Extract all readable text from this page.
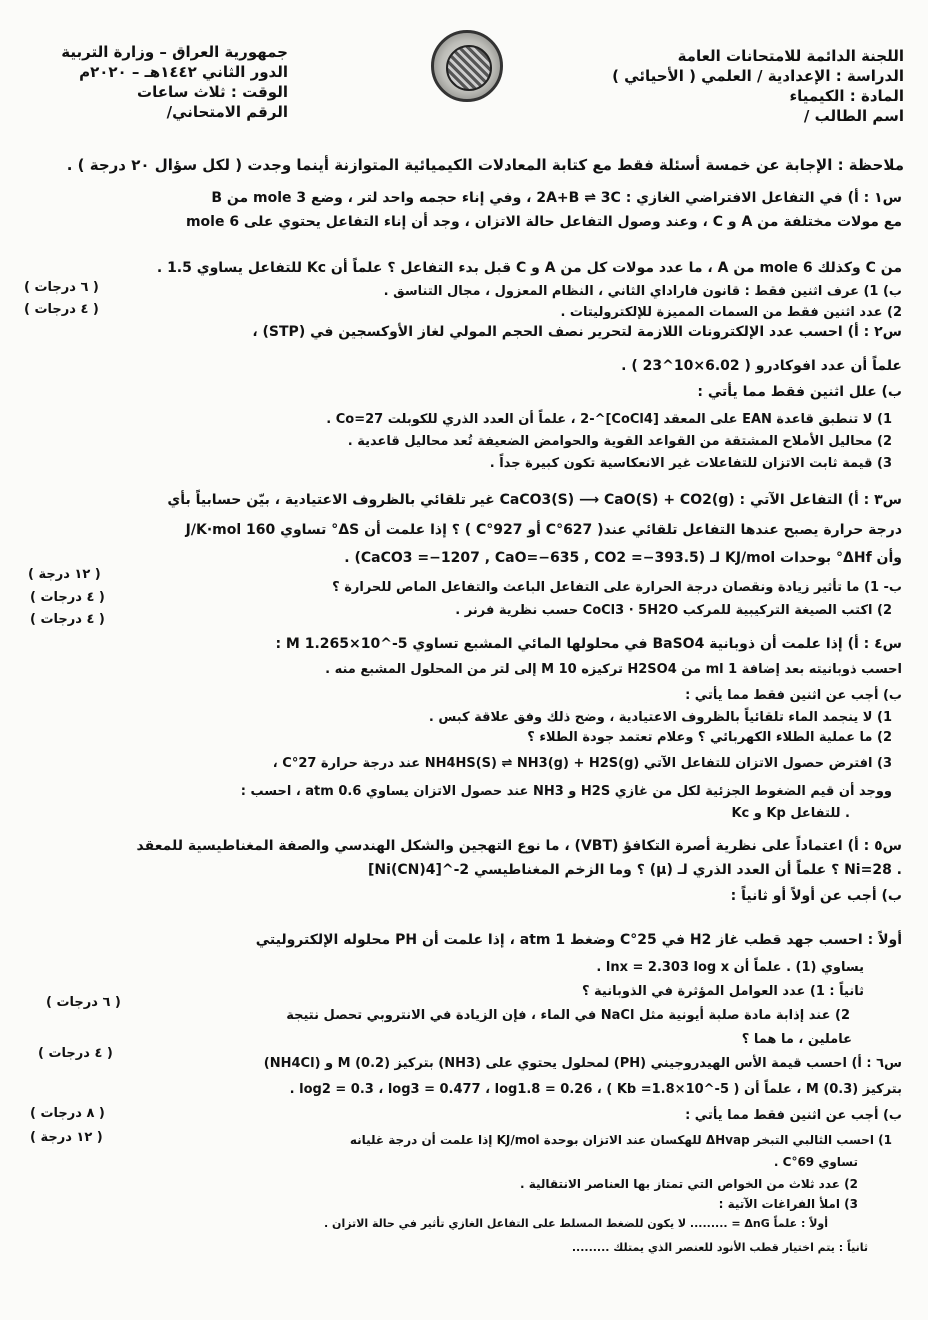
اللجنة الدائمة للامتحانات العامة
الدراسة : الإعدادية / العلمي ( الأحيائي )
المادة : الكيمياء
اسم الطالب /
جمهورية العراق – وزارة التربية
الدور الثاني ١٤٤٢هـ – ٢٠٢٠م
الوقت : ثلاث ساعات
الرقم الامتحاني/
ملاحظة : الإجابة عن خمسة أسئلة فقط مع كتابة المعادلات الكيميائية المتوازنة أينما وجدت ( لكل سؤال ٢٠ درجة ) .
س١ : أ) في التفاعل الافتراضي الغازي : 2A+B ⇌ 3C ، وفي إناء حجمه واحد لتر ، وضع 3 mole من B
مع مولات مختلفة من A و C ، وعند وصول التفاعل حالة الاتزان ، وجد أن إناء التفاعل يحتوي على 6 mole
من C وكذلك 6 mole من A ، ما عدد مولات كل من A و C قبل بدء التفاعل ؟ علماً أن Kc للتفاعل يساوي 1.5 .
ب) 1) عرف اثنين فقط : قانون فاراداي الثاني ، النظام المعزول ، مجال التناسق .
2) عدد اثنين فقط من السمات المميزة للإلكتروليتات .
س٢ : أ) احسب عدد الإلكترونات اللازمة لتحرير نصف الحجم المولي لغاز الأوكسجين في (STP) ،
علماً أن عدد افوكادرو ( 6.02×10^23 ) .
ب) علل اثنين فقط مما يأتي :
1) لا تنطبق قاعدة EAN على المعقد [CoCl4]^-2 ، علماً أن العدد الذري للكوبلت Co=27 .
2) محاليل الأملاح المشتقة من القواعد القوية والحوامض الضعيفة تُعد محاليل قاعدية .
3) قيمة ثابت الاتزان للتفاعلات غير الانعكاسية تكون كبيرة جداً .
س٣ : أ) التفاعل الآتي : CaCO3(S) ⟶ CaO(S) + CO2(g) غير تلقائي بالظروف الاعتيادية ، بيّن حسابياً بأي
درجة حرارة يصبح عندها التفاعل تلقائي عند( 627°C أو 927°C ) ؟ إذا علمت أن ΔS° تساوي 160 J/K·mol
وأن ΔHf° بوحدات KJ/mol لـ (CaCO3 =−1207 , CaO=−635 , CO2 =−393.5) .
ب- 1) ما تأثير زيادة ونقصان درجة الحرارة على التفاعل الباعث والتفاعل الماص للحرارة ؟
2) اكتب الصيغة التركيبية للمركب CoCl3 · 5H2O حسب نظرية فرنر .
س٤ : أ) إذا علمت أن ذوبانية BaSO4 في محلولها المائي المشبع تساوي M 1.265×10^-5 :
احسب ذوبانيته بعد إضافة 1 ml من H2SO4 تركيزه M 10 إلى لتر من المحلول المشبع منه .
ب) أجب عن اثنين فقط مما يأتي :
1) لا ينجمد الماء تلقائياً بالظروف الاعتيادية ، وضح ذلك وفق علاقة كبس .
2) ما عملية الطلاء الكهربائي ؟ وعلام تعتمد جودة الطلاء ؟
3) افترض حصول الاتزان للتفاعل الآتي NH4HS(S) ⇌ NH3(g) + H2S(g) عند درجة حرارة 27°C ،
ووجد أن قيم الضغوط الجزئية لكل من غازي H2S و NH3 عند حصول الاتزان يساوي 0.6 atm ، احسب :
Kc و Kp للتفاعل .
س٥ : أ) اعتماداً على نظرية أصرة التكافؤ (VBT) ، ما نوع التهجين والشكل الهندسي والصفة المغناطيسية للمعقد
[Ni(CN)4]^-2 ؟ وما الزخم المغناطيسي (µ) ؟ علماً أن العدد الذري لـ Ni=28 .
ب) أجب عن أولاً أو ثانياً :
أولاً : احسب جهد قطب غاز H2 في 25°C وضغط 1 atm ، إذا علمت أن PH محلوله الإلكتروليتي
يساوي (1) . علماً أن lnx = 2.303 log x .
ثانياً : 1) عدد العوامل المؤثرة في الذوبانية ؟
2) عند إذابة مادة صلبة أيونية مثل NaCl في الماء ، فإن الزيادة في الانتروبي تحصل نتيجة
عاملين ، ما هما ؟
س٦ : أ) احسب قيمة الأس الهيدروجيني (PH) لمحلول يحتوي على (NH3) بتركيز M (0.2) و (NH4Cl)
بتركيز M (0.3) ، علماً أن ( Kb =1.8×10^-5 ) ، log2 = 0.3 ، log3 = 0.477 ، log1.8 = 0.26 .
ب) أجب عن اثنين فقط مما يأتي :
1) احسب الثالبي التبخر ΔHvap للهكسان عند الاتزان بوحدة KJ/mol إذا علمت أن درجة غليانه
تساوي 69°C .
2) عدد ثلاث من الخواص التي تمتاز بها العناصر الانتقالية .
3) املأ الفراغات الآتية :
أولاً : علماً ΔnG = ......... لا يكون للضغط المسلط على التفاعل الغازي تأثير في حالة الاتزان .
ثانياً : يتم اختيار قطب الأنود للعنصر الذي يمتلك .........
( ٦ درجات )
( ٤ درجات )
( ١٢ درجة )
( ٤ درجات )
( ٤ درجات )
( ٦ درجات )
( ٤ درجات )
( ٨ درجات )
( ١٢ درجة )
